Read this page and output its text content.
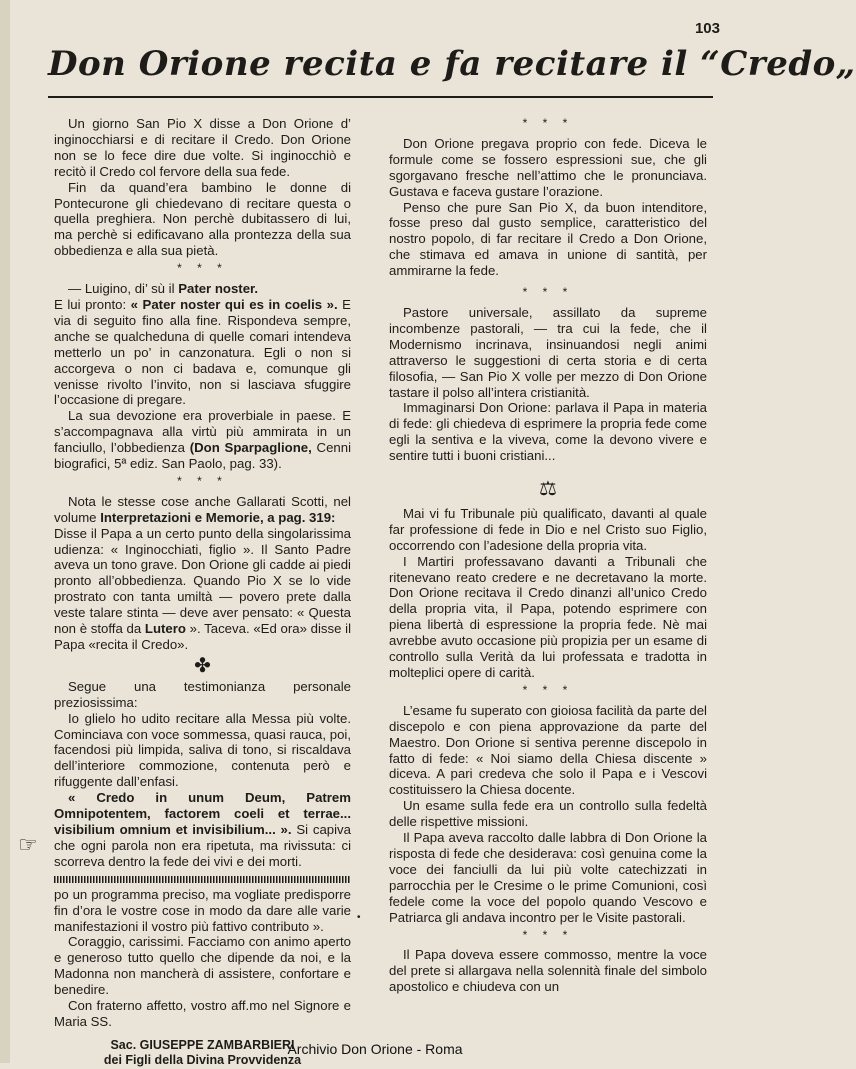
103
Don Orione recita e fa recitare il “Credo„
☞
•

Un giorno San Pio X disse a Don Orione d’ inginocchiarsi e di recitare il Credo. Don Orione non se lo fece dire due volte. Si inginocchiò e recitò il Credo col fervore della sua fede.

Fin da quand’era bambino le donne di Pontecurone gli chiedevano di recitare questa o quella preghiera. Non perchè dubitassero di lui, ma perchè si edificavano alla prontezza della sua obbedienza e alla sua pietà.

* * *

— Luigino, di’ sù il Pater noster.

E lui pronto: « Pater noster qui es in coelis ». E via di seguito fino alla fine. Rispondeva sempre, anche se qualcheduna di quelle comari intendeva metterlo un po’ in canzonatura. Egli o non si accorgeva o non ci badava e, comunque gli venisse rivolto l’invito, non si lasciava sfuggire l’occasione di pregare.

La sua devozione era proverbiale in paese. E s’accompagnava alla virtù più ammirata in un fanciullo, l’obbedienza (Don Sparpaglione, Cenni biografici, 5ª ediz. San Paolo, pag. 33).

* * *

Nota le stesse cose anche Gallarati Scotti, nel volume Interpretazioni e Memorie, a pag. 319:

Disse il Papa a un certo punto della singolarissima udienza: « Inginocchiati, figlio ». Il Santo Padre aveva un tono grave. Don Orione gli cadde ai piedi pronto all’obbedienza. Quando Pio X se lo vide prostrato con tanta umiltà — povero prete dalla veste talare stinta — deve aver pensato: « Questa non è stoffa da Lutero ». Taceva. «Ed ora» disse il Papa «recita il Credo».

✤

Segue una testimonianza personale preziosissima:

Io glielo ho udito recitare alla Messa più volte. Cominciava con voce sommessa, quasi rauca, poi, facendosi più limpida, saliva di tono, si riscaldava dell’interiore commozione, contenuta però e rifuggente dall’enfasi.

« Credo in unum Deum, Patrem Omnipotentem, factorem coeli et terrae... visibilium omnium et invisibilium... ». Si capiva che ogni parola non era ripetuta, ma rivissuta: ci scorreva dentro la fede dei vivi e dei morti.

po un programma preciso, ma vogliate predisporre fin d’ora le vostre cose in modo da dare alle varie manifestazioni il vostro più fattivo contributo ».

Coraggio, carissimi. Facciamo con animo aperto e generoso tutto quello che dipende da noi, e la Madonna non mancherà di assistere, confortare e benedire.

Con fraterno affetto, vostro aff.mo nel Signore e Maria SS.

Sac. GIUSEPPE ZAMBARBIERI
dei Figli della Divina Provvidenza
* * *

Don Orione pregava proprio con fede. Diceva le formule come se fossero espressioni sue, che gli sgorgavano fresche nell’attimo che le pronunciava. Gustava e faceva gustare l’orazione.

Penso che pure San Pio X, da buon intenditore, fosse preso dal gusto semplice, caratteristico del nostro popolo, di far recitare il Credo a Don Orione, che stimava ed amava in unione di santità, per ammirarne la fede.

* * *

Pastore universale, assillato da supreme incombenze pastorali, — tra cui la fede, che il Modernismo incrinava, insinuandosi negli animi attraverso le suggestioni di certa storia e di certa filosofia, — San Pio X volle per mezzo di Don Orione tastare il polso all’intera cristianità.

Immaginarsi Don Orione: parlava il Papa in materia di fede: gli chiedeva di esprimere la propria fede come egli la sentiva e la viveva, come la devono vivere e sentire tutti i buoni cristiani...

⚖

Mai vi fu Tribunale più qualificato, davanti al quale far professione di fede in Dio e nel Cristo suo Figlio, occorrendo con l’adesione della propria vita.

I Martiri professavano davanti a Tribunali che ritenevano reato credere e ne decretavano la morte. Don Orione recitava il Credo dinanzi all’unico Credo della propria vita, il Papa, potendo esprimere con piena libertà di espressione la propria fede. Nè mai avrebbe avuto occasione più propizia per un esame di controllo sulla Verità da lui professata e tradotta in molteplici opere di carità.

* * *

L’esame fu superato con gioiosa facilità da parte del discepolo e con piena approvazione da parte del Maestro. Don Orione si sentiva perenne discepolo in fatto di fede: « Noi siamo della Chiesa discente » diceva. A pari credeva che solo il Papa e i Vescovi costituissero la Chiesa docente.

Un esame sulla fede era un controllo sulla fedeltà delle rispettive missioni.

Il Papa aveva raccolto dalle labbra di Don Orione la risposta di fede che desiderava: così genuina come la voce dei fanciulli da lui più volte catechizzati in parrocchia per le Cresime o le prime Comunioni, così fedele come la voce del popolo quando Vescovo e Patriarca gli andava incontro per le Visite pastorali.

* * *

Il Papa doveva essere commosso, mentre la voce del prete si allargava nella solennità finale del simbolo apostolico e chiudeva con un

Archivio Don Orione - Roma
